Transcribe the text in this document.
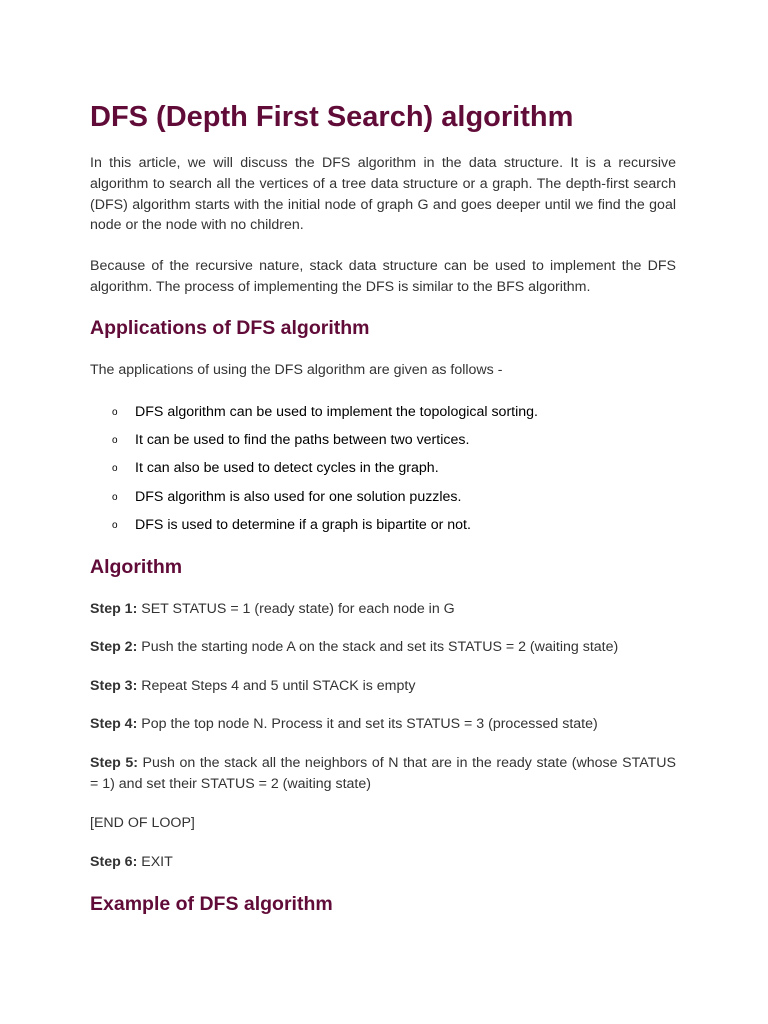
DFS (Depth First Search) algorithm

In this article, we will discuss the DFS algorithm in the data structure. It is a recursive algorithm to search all the vertices of a tree data structure or a graph. The depth-first search (DFS) algorithm starts with the initial node of graph G and goes deeper until we find the goal node or the node with no children.

Because of the recursive nature, stack data structure can be used to implement the DFS algorithm. The process of implementing the DFS is similar to the BFS algorithm.

Applications of DFS algorithm

The applications of using the DFS algorithm are given as follows -

o DFS algorithm can be used to implement the topological sorting.
o It can be used to find the paths between two vertices.
o It can also be used to detect cycles in the graph.
o DFS algorithm is also used for one solution puzzles.
o DFS is used to determine if a graph is bipartite or not.
Algorithm

Step 1: SET STATUS = 1 (ready state) for each node in G

Step 2: Push the starting node A on the stack and set its STATUS = 2 (waiting state)

Step 3: Repeat Steps 4 and 5 until STACK is empty

Step 4: Pop the top node N. Process it and set its STATUS = 3 (processed state)

Step 5: Push on the stack all the neighbors of N that are in the ready state (whose STATUS = 1) and set their STATUS = 2 (waiting state)

[END OF LOOP]

Step 6: EXIT

Example of DFS algorithm
